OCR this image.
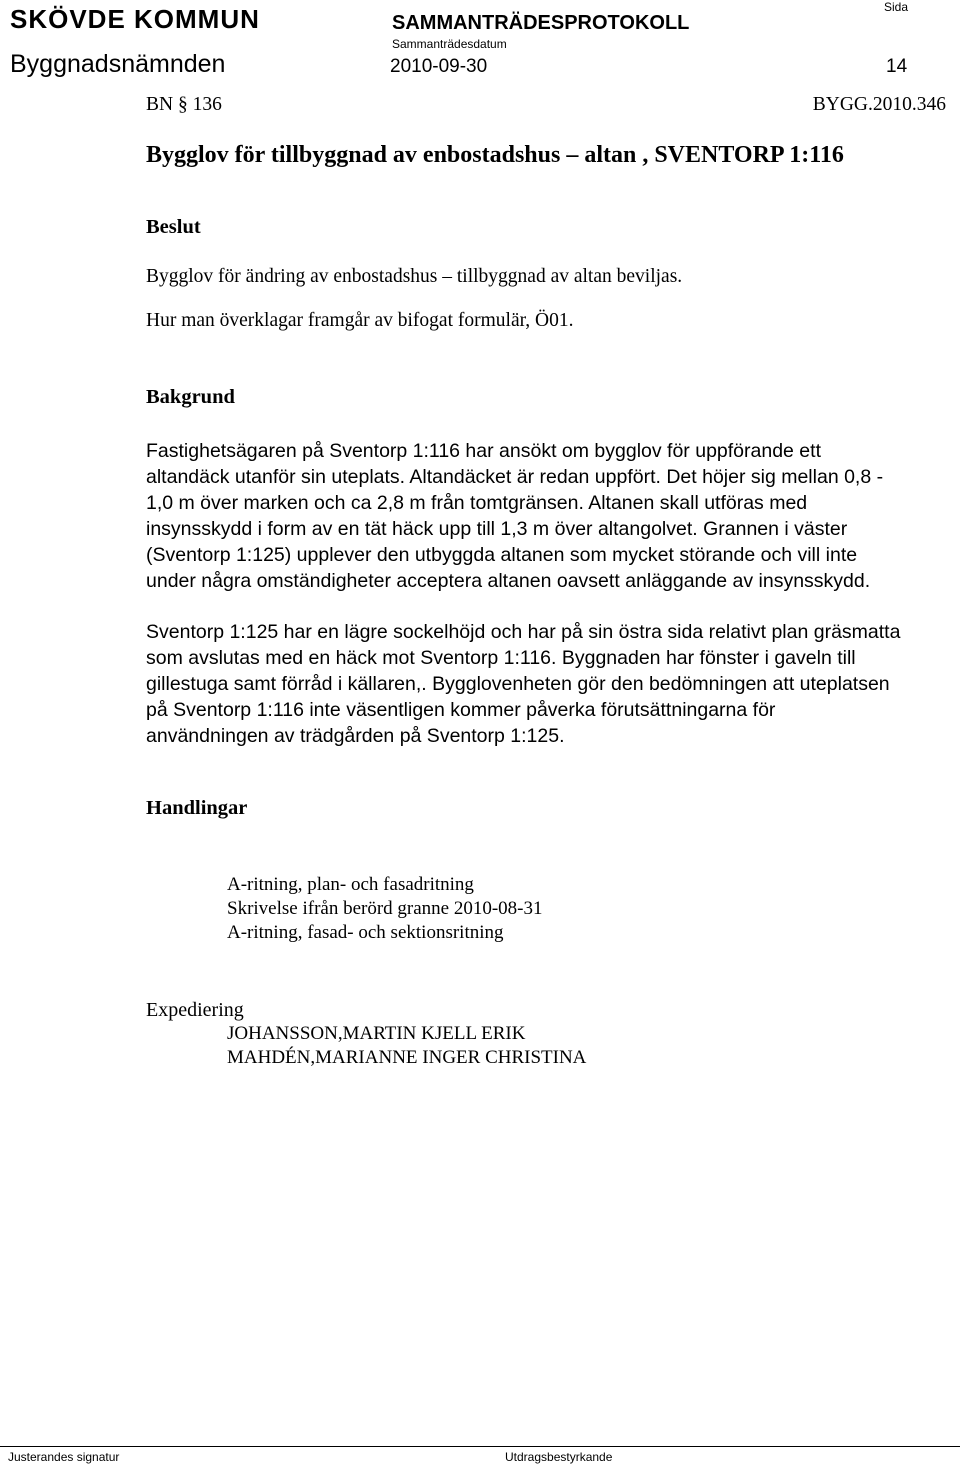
SKÖVDE KOMMUN	SAMMANTRÄDESPROTOKOLL
Sammanträdesdatum
Sida
Byggnadsnämnden	2010-09-30	14
BN § 136	BYGG.2010.346
Bygglov för tillbyggnad av enbostadshus – altan , SVENTORP 1:116
Beslut
Bygglov för ändring av enbostadshus – tillbyggnad av altan beviljas.
Hur man överklagar framgår av bifogat formulär, Ö01.
Bakgrund
Fastighetsägaren på Sventorp 1:116 har ansökt om bygglov för uppförande ett
altandäck utanför sin uteplats. Altandäcket är redan uppfört. Det höjer sig mellan 0,8 -
1,0 m över marken och ca 2,8 m från tomtgränsen. Altanen skall utföras med
insynsskydd i form av en tät häck upp till 1,3 m över altangolvet. Grannen i väster
(Sventorp 1:125) upplever den utbyggda altanen som mycket störande och vill inte
under några omständigheter acceptera altanen oavsett anläggande av insynsskydd.
Sventorp 1:125 har en lägre sockelhöjd och har på sin östra sida relativt plan gräsmatta
som avslutas med en häck mot Sventorp 1:116. Byggnaden har fönster i gaveln till
gillestuga samt förråd i källaren,. Bygglovenheten gör den bedömningen att uteplatsen
på Sventorp 1:116 inte väsentligen kommer påverka förutsättningarna för
användningen av trädgården på Sventorp 1:125.
Handlingar
A-ritning, plan- och fasadritning
Skrivelse ifrån berörd granne 2010-08-31
A-ritning, fasad- och sektionsritning
Expediering
JOHANSSON,MARTIN KJELL ERIK
MAHDÉN,MARIANNE INGER CHRISTINA
Justerandes signatur	Utdragsbestyrkande
